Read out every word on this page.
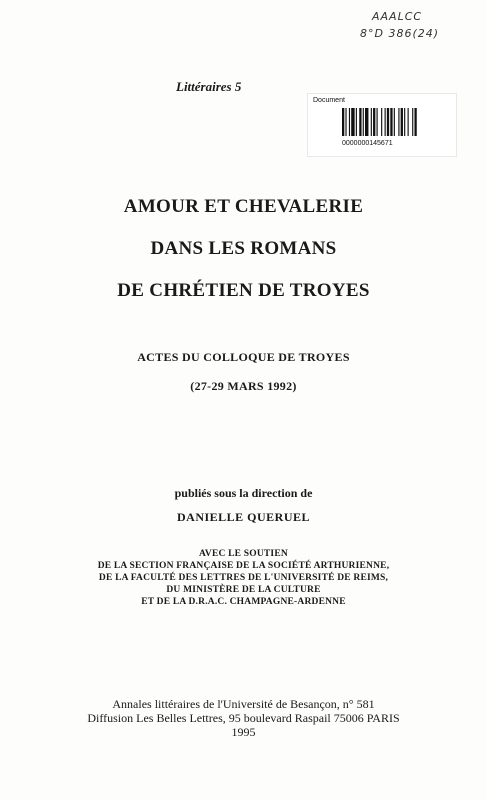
AAALCC
8°D 386(24)
Littéraires 5
Document
0000000145671
AMOUR ET CHEVALERIE
DANS LES ROMANS
DE CHRÉTIEN DE TROYES
ACTES DU COLLOQUE DE TROYES
(27-29 MARS 1992)
publiés sous la direction de
DANIELLE QUERUEL
AVEC LE SOUTIEN
DE LA SECTION FRANÇAISE DE LA SOCIÉTÉ ARTHURIENNE,
DE LA FACULTÉ DES LETTRES DE L'UNIVERSITÉ DE REIMS,
DU MINISTÈRE DE LA CULTURE
ET DE LA D.R.A.C. CHAMPAGNE-ARDENNE
Annales littéraires de l'Université de Besançon, n° 581
Diffusion Les Belles Lettres, 95 boulevard Raspail 75006 PARIS
1995
